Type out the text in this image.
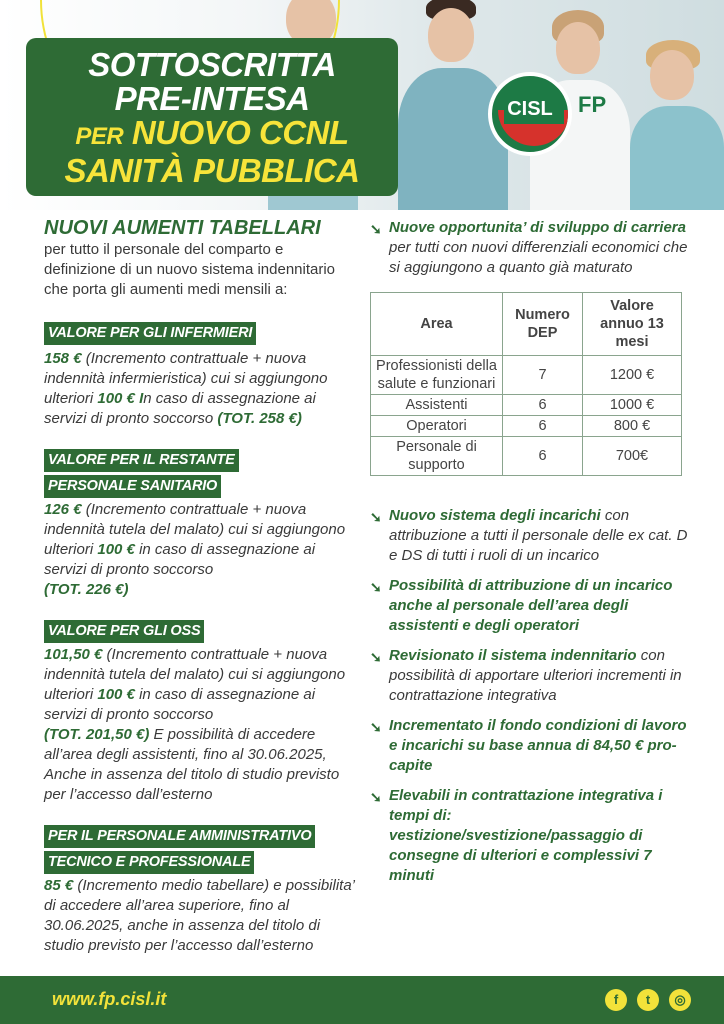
SOTTOSCRITTA
PRE-INTESA
PER NUOVO CCNL
SANITÀ PUBBLICA
CISL FP
NUOVI AUMENTI TABELLARI
per tutto il personale del comparto e definizione di un nuovo sistema indennitario che porta gli aumenti medi mensili a:
VALORE PER GLI INFERMIERI
158 € (Incremento contrattuale + nuova indennità infermieristica) cui si aggiungono ulteriori 100 € In caso di assegnazione ai servizi di pronto soccorso (TOT. 258 €)
VALORE PER IL RESTANTE
PERSONALE SANITARIO
126 € (Incremento contrattuale + nuova indennità tutela del malato) cui si aggiungono ulteriori 100 € in caso di assegnazione ai servizi di pronto soccorso
(TOT. 226 €)
VALORE PER GLI OSS
101,50 € (Incremento contrattuale + nuova indennità tutela del malato) cui si aggiungono ulteriori 100 € in caso di assegnazione ai servizi di pronto soccorso
(TOT. 201,50 €) E possibilità di accedere all’area degli assistenti, fino al 30.06.2025, Anche in assenza del titolo di studio previsto per l’accesso dall’esterno
PER IL PERSONALE AMMINISTRATIVO
TECNICO E PROFESSIONALE
85 € (Incremento medio tabellare) e possibilita’ di accedere all’area superiore, fino al 30.06.2025, anche in assenza del titolo di studio previsto per l’accesso dall’esterno
➘ Nuove opportunita’ di sviluppo di carriera per tutti con nuovi differenziali economici che si aggiungono a quanto già maturato
Area	Numero DEP	Valore annuo 13 mesi
Professionisti della salute e funzionari	7	1200 €
Assistenti	6	1000 €
Operatori	6	800 €
Personale di supporto	6	700€
➘ Nuovo sistema degli incarichi con attribuzione a tutti il personale delle ex cat. D e DS di tutti i ruoli di un incarico
➘ Possibilità di attribuzione di un incarico anche al personale dell’area degli assistenti e degli operatori
➘ Revisionato il sistema indennitario con possibilità di apportare ulteriori incrementi in contrattazione integrativa
➘ Incrementato il fondo condizioni di lavoro e incarichi su base annua di 84,50 € pro-capite
➘ Elevabili in contrattazione integrativa i tempi di: vestizione/svestizione/passaggio di consegne di ulteriori e complessivi 7 minuti
www.fp.cisl.it	f	t	◎
